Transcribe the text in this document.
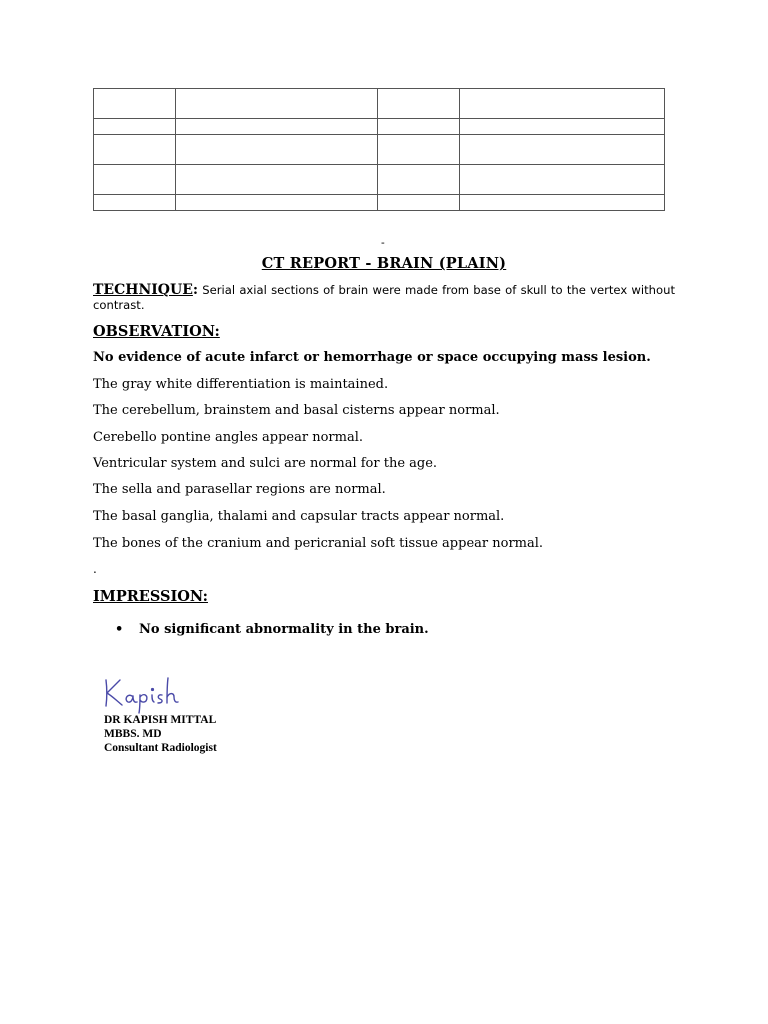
-
CT REPORT - BRAIN (PLAIN)
TECHNIQUE: Serial axial sections of brain were made from base of skull to the vertex without contrast.
OBSERVATION:
No evidence of acute infarct or hemorrhage or space occupying mass lesion.
The gray white differentiation is maintained.
The cerebellum, brainstem and basal cisterns appear normal.
Cerebello pontine angles appear normal.
Ventricular system and sulci are normal for the age.
The sella and parasellar regions are normal.
The basal ganglia, thalami and capsular tracts appear normal.
The bones of the cranium and pericranial soft tissue appear normal.
.
IMPRESSION:
• No significant abnormality in the brain.
DR KAPISH MITTAL
MBBS. MD
Consultant Radiologist
